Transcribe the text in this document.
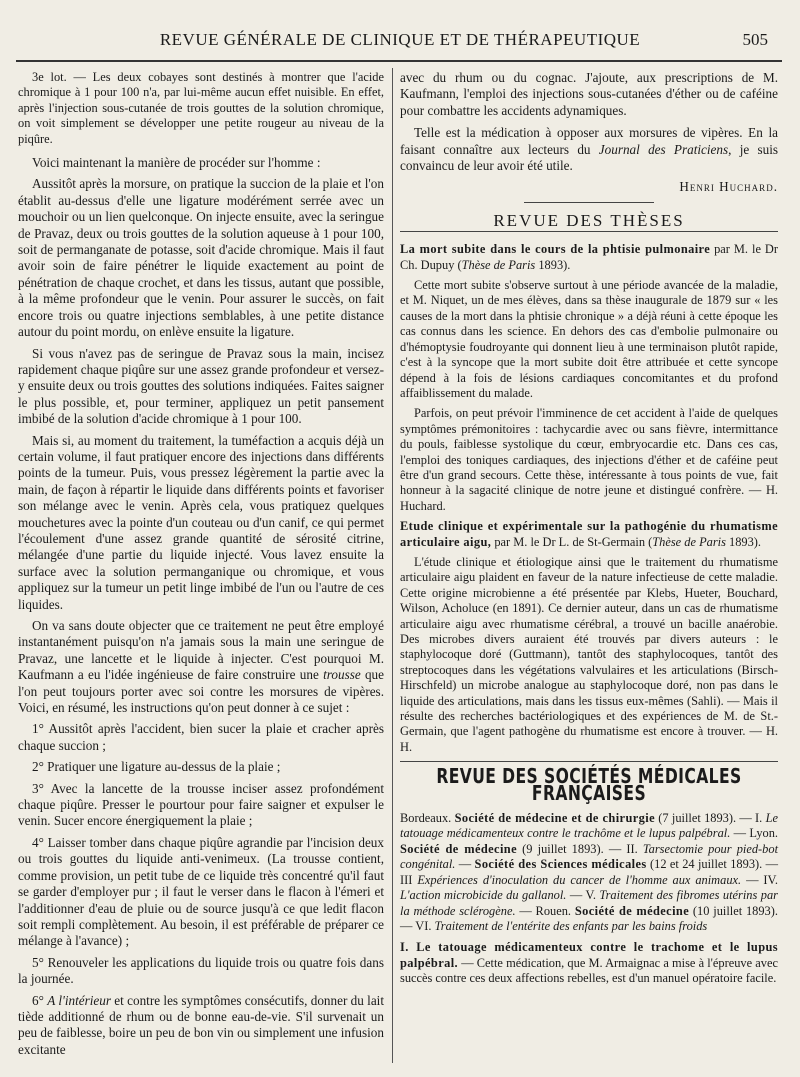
REVUE GÉNÉRALE DE CLINIQUE ET DE THÉRAPEUTIQUE	505

3e lot. — Les deux cobayes sont destinés à montrer que l'acide chromique à 1 pour 100 n'a, par lui-même aucun effet nuisible. En effet, après l'injection sous-cutanée de trois gouttes de la solution chromique, on voit simplement se développer une petite rougeur au niveau de la piqûre.

Voici maintenant la manière de procéder sur l'homme :

Aussitôt après la morsure, on pratique la succion de la plaie et l'on établit au-dessus d'elle une ligature modérément serrée avec un mouchoir ou un lien quelconque. On injecte ensuite, avec la seringue de Pravaz, deux ou trois gouttes de la solution aqueuse à 1 pour 100, soit de permanganate de potasse, soit d'acide chromique. Mais il faut avoir soin de faire pénétrer le liquide exactement au point de pénétration de chaque crochet, et dans les tissus, autant que possible, à la même profondeur que le venin. Pour assurer le succès, on fait encore trois ou quatre injections semblables, à une petite distance autour du point mordu, on enlève ensuite la ligature.

Si vous n'avez pas de seringue de Pravaz sous la main, incisez rapidement chaque piqûre sur une assez grande profondeur et versez-y ensuite deux ou trois gouttes des solutions indiquées. Faites saigner le plus possible, et, pour terminer, appliquez un petit pansement imbibé de la solution d'acide chromique à 1 pour 100.

Mais si, au moment du traitement, la tuméfaction a acquis déjà un certain volume, il faut pratiquer encore des injections dans différents points de la tumeur. Puis, vous pressez légèrement la partie avec la main, de façon à répartir le liquide dans différents points et favoriser son mélange avec le venin. Après cela, vous pratiquez quelques mouchetures avec la pointe d'un couteau ou d'un canif, ce qui permet l'écoulement d'une assez grande quantité de sérosité citrine, mélangée d'une partie du liquide injecté. Vous lavez ensuite la surface avec la solution permanganique ou chromique, et vous appliquez sur la tumeur un petit linge imbibé de l'un ou l'autre de ces liquides.

On va sans doute objecter que ce traitement ne peut être employé instantanément puisqu'on n'a jamais sous la main une seringue de Pravaz, une lancette et le liquide à injecter. C'est pourquoi M. Kaufmann a eu l'idée ingénieuse de faire construire une trousse que l'on peut toujours porter avec soi contre les morsures de vipères. Voici, en résumé, les instructions qu'on peut donner à ce sujet :

1° Aussitôt après l'accident, bien sucer la plaie et cracher après chaque succion ;

2° Pratiquer une ligature au-dessus de la plaie ;

3° Avec la lancette de la trousse inciser assez profondément chaque piqûre. Presser le pourtour pour faire saigner et expulser le venin. Sucer encore énergiquement la plaie ;

4° Laisser tomber dans chaque piqûre agrandie par l'incision deux ou trois gouttes du liquide anti-venimeux. (La trousse contient, comme provision, un petit tube de ce liquide très concentré qu'il faut se garder d'employer pur ; il faut le verser dans le flacon à l'émeri et l'additionner d'eau de pluie ou de source jusqu'à ce que ledit flacon soit rempli complètement. Au besoin, il est préférable de préparer ce mélange à l'avance) ;

5° Renouveler les applications du liquide trois ou quatre fois dans la journée.

6° A l'intérieur et contre les symptômes consécutifs, donner du lait tiède additionné de rhum ou de bonne eau-de-vie. S'il survenait un peu de faiblesse, boire un peu de bon vin ou simplement une infusion excitante

avec du rhum ou du cognac. J'ajoute, aux prescriptions de M. Kaufmann, l'emploi des injections sous-cutanées d'éther ou de caféine pour combattre les accidents adynamiques.

Telle est la médication à opposer aux morsures de vipères. En la faisant connaître aux lecteurs du Journal des Praticiens, je suis convaincu de leur avoir été utile.

Henri Huchard.
REVUE DES THÈSES

La mort subite dans le cours de la phtisie pulmonaire par M. le Dr Ch. Dupuy (Thèse de Paris 1893).

Cette mort subite s'observe surtout à une période avancée de la maladie, et M. Niquet, un de mes élèves, dans sa thèse inaugurale de 1879 sur « les causes de la mort dans la phtisie chronique » a déjà réuni à cette époque les cas connus dans les science. En dehors des cas d'embolie pulmonaire ou d'hémoptysie foudroyante qui donnent lieu à une terminaison plutôt rapide, c'est à la syncope que la mort subite doit être attribuée et cette syncope dépend à la fois de lésions cardiaques concomitantes et du profond affaiblissement du malade.

Parfois, on peut prévoir l'imminence de cet accident à l'aide de quelques symptômes prémonitoires : tachycardie avec ou sans fièvre, intermittance du pouls, faiblesse systolique du cœur, embryocardie etc. Dans ces cas, l'emploi des toniques cardiaques, des injections d'éther et de caféine peut être d'un grand secours. Cette thèse, intéressante à tous points de vue, fait honneur à la sagacité clinique de notre jeune et distingué confrère. — H. Huchard.

Etude clinique et expérimentale sur la pathogénie du rhumatisme articulaire aigu, par M. le Dr L. de St-Germain (Thèse de Paris 1893).

L'étude clinique et étiologique ainsi que le traitement du rhumatisme articulaire aigu plaident en faveur de la nature infectieuse de cette maladie. Cette origine microbienne a été présentée par Klebs, Hueter, Bouchard, Wilson, Acholuce (en 1891). Ce dernier auteur, dans un cas de rhumatisme articulaire aigu avec rhumatisme cérébral, a trouvé un bacille anaérobie. Des microbes divers auraient été trouvés par divers auteurs : le staphylocoque doré (Guttmann), tantôt des staphylocoques, tantôt des streptocoques dans les végétations valvulaires et les articulations (Birsch-Hirschfeld) un microbe analogue au staphylocoque doré, non pas dans le liquide des articulations, mais dans les tissus eux-mêmes (Sahli). — Mais il résulte des recherches bactériologiques et des expériences de M. de St.-Germain, que l'agent pathogène du rhumatisme est encore à trouver. — H. H.

REVUE DES SOCIÉTÉS MÉDICALES FRANÇAISES

Bordeaux. Société de médecine et de chirurgie (7 juillet 1893). — I. Le tatouage médicamenteux contre le trachôme et le lupus palpébral. — Lyon. Société de médecine (9 juillet 1893). — II. Tarsectomie pour pied-bot congénital. — Société des Sciences médicales (12 et 24 juillet 1893). — III Expériences d'inoculation du cancer de l'homme aux animaux. — IV. L'action microbicide du gallanol. — V. Traitement des fibromes utérins par la méthode sclérogène. — Rouen. Société de médecine (10 juillet 1893). — VI. Traitement de l'entérite des enfants par les bains froids

I. Le tatouage médicamenteux contre le trachome et le lupus palpébral. — Cette médication, que M. Armaignac a mise à l'épreuve avec succès contre ces deux affections rebelles, est d'un manuel opératoire facile.
